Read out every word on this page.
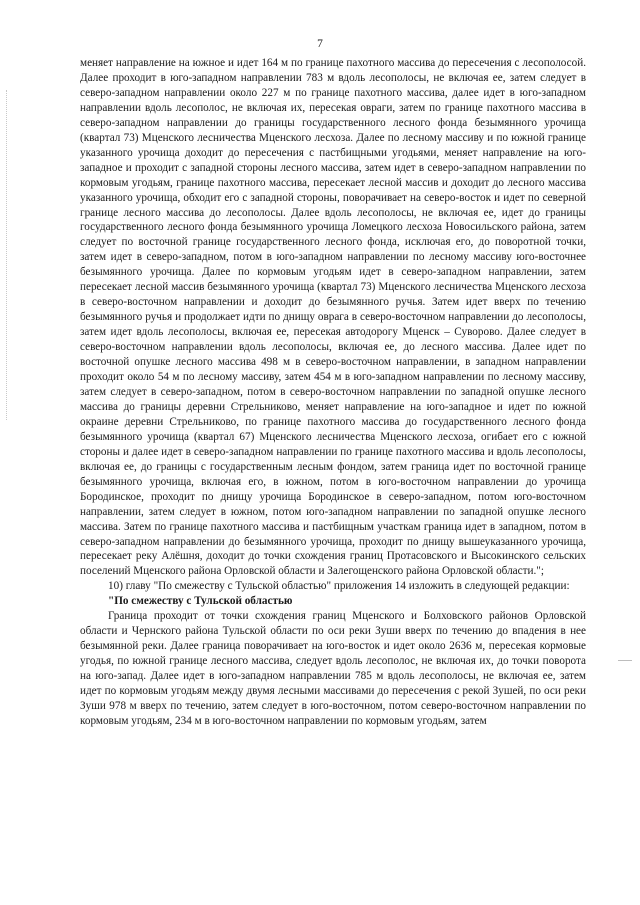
7

меняет направление на южное и идет 164 м по границе пахотного массива до пересечения с лесополосой. Далее проходит в юго-западном направлении 783 м вдоль лесополосы, не включая ее, затем следует в северо-западном направлении около 227 м по границе пахотного массива, далее идет в юго-западном направлении вдоль лесополос, не включая их, пересекая овраги, затем по границе пахотного массива в северо-западном направлении до границы государственного лесного фонда безымянного урочища (квартал 73) Мценского лесничества Мценского лесхоза. Далее по лесному массиву и по южной границе указанного урочища доходит до пересечения с пастбищными угодьями, меняет направление на юго-западное и проходит с западной стороны лесного массива, затем идет в северо-западном направлении по кормовым угодьям, границе пахотного массива, пересекает лесной массив и доходит до лесного массива указанного урочища, обходит его с западной стороны, поворачивает на северо-восток и идет по северной границе лесного массива до лесополосы. Далее вдоль лесополосы, не включая ее, идет до границы государственного лесного фонда безымянного урочища Ломецкого лесхоза Новосильского района, затем следует по восточной границе государственного лесного фонда, исключая его, до поворотной точки, затем идет в северо-западном, потом в юго-западном направлении по лесному массиву юго-восточнее безымянного урочища. Далее по кормовым угодьям идет в северо-западном направлении, затем пересекает лесной массив безымянного урочища (квартал 73) Мценского лесничества Мценского лесхоза в северо-восточном направлении и доходит до безымянного ручья. Затем идет вверх по течению безымянного ручья и продолжает идти по днищу оврага в северо-восточном направлении до лесополосы, затем идет вдоль лесополосы, включая ее, пересекая автодорогу Мценск – Суворово. Далее следует в северо-восточном направлении вдоль лесополосы, включая ее, до лесного массива. Далее идет по восточной опушке лесного массива 498 м в северо-восточном направлении, в западном направлении проходит около 54 м по лесному массиву, затем 454 м в юго-западном направлении по лесному массиву, затем следует в северо-западном, потом в северо-восточном направлении по западной опушке лесного массива до границы деревни Стрельниково, меняет направление на юго-западное и идет по южной окраине деревни Стрельниково, по границе пахотного массива до государственного лесного фонда безымянного урочища (квартал 67) Мценского лесничества Мценского лесхоза, огибает его с южной стороны и далее идет в северо-западном направлении по границе пахотного массива и вдоль лесополосы, включая ее, до границы с государственным лесным фондом, затем граница идет по восточной границе безымянного урочища, включая его, в южном, потом в юго-восточном направлении до урочища Бородинское, проходит по днищу урочища Бородинское в северо-западном, потом юго-восточном направлении, затем следует в южном, потом юго-западном направлении по западной опушке лесного массива. Затем по границе пахотного массива и пастбищным участкам граница идет в западном, потом в северо-западном направлении до безымянного урочища, проходит по днищу вышеуказанного урочища, пересекает реку Алёшня, доходит до точки схождения границ Протасовского и Высокинского сельских поселений Мценского района Орловской области и Залегощенского района Орловской области.";

10) главу "По смежеству с Тульской областью" приложения 14 изложить в следующей редакции:

"По смежеству с Тульской областью

Граница проходит от точки схождения границ Мценского и Болховского районов Орловской области и Чернского района Тульской области по оси реки Зуши вверх по течению до впадения в нее безымянной реки. Далее граница поворачивает на юго-восток и идет около 2636 м, пересекая кормовые угодья, по южной границе лесного массива, следует вдоль лесополос, не включая их, до точки поворота на юго-запад. Далее идет в юго-западном направлении 785 м вдоль лесополосы, не включая ее, затем идет по кормовым угодьям между двумя лесными массивами до пересечения с рекой Зушей, по оси реки Зуши 978 м вверх по течению, затем следует в юго-восточном, потом северо-восточном направлении по кормовым угодьям, 234 м в юго-восточном направлении по кормовым угодьям, затем
